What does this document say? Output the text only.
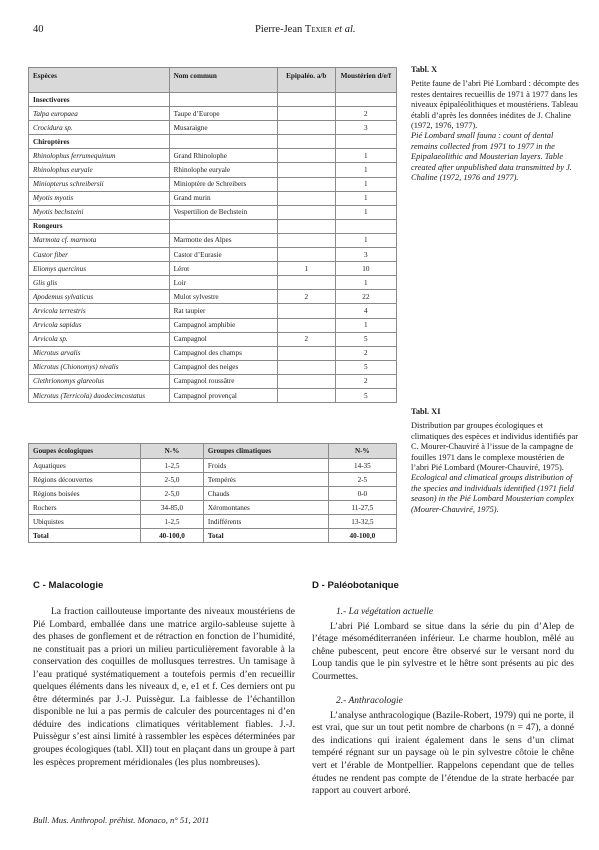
40	Pierre-Jean Texier et al.
Espèces	Nom commun	Epipaléo. a/b	Moustérien d/e/f
Insectivores			
Talpa europaea	Taupe d’Europe		2
Crocidura sp.	Musaraigne		3
Chiroptères			
Rhinolophus ferrumequinum	Grand Rhinolophe		1
Rhinolophus euryale	Rhinolophe euryale		1
Miniopterus schreibersii	Minioptère de Schreibers		1
Myotis myotis	Grand murin		1
Myotis bechsteini	Vespertilion de Bechstein		1
Rongeurs			
Marmota cf. marmota	Marmotte des Alpes		1
Castor fiber	Castor d’Eurasie		3
Eliomys quercinus	Lérot	1	10
Glis glis	Loir		1
Apodemus sylvaticus	Mulot sylvestre	2	22
Arvicola terrestris	Rat taupier		4
Arvicola sapidus	Campagnol amphibie		1
Arvicola sp.	Campagnol	2	5
Microtus arvalis	Campagnol des champs		2
Microtus (Chionomys) nivalis	Campagnol des neiges		5
Clethrionomys glareolus	Campagnol roussâtre		2
Microtus (Terricola) duodecimcostatus	Campagnol provençal		5
Tabl. X
Petite faune de l’abri Pié Lombard : décompte des restes dentaires recueillis de 1971 à 1977 dans les niveaux épipaléolithiques et moustériens. Tableau établi d’après les données inédites de J. Chaline (1972, 1976, 1977).
Pié Lombard small fauna : count of dental remains collected from 1971 to 1977 in the Epipalaeolithic and Mousterian layers. Table created after unpublished data transmitted by J. Chaline (1972, 1976 and 1977).
Goupes écologiques	N-%	Groupes climatiques	N-%
Aquatiques	1-2,5	Froids	14-35
Régions découvertes	2-5,0	Tempérés	2-5
Régions boisées	2-5,0	Chauds	0-0
Rochers	34-85,0	Xéromontanes	11-27,5
Ubiquistes	1-2,5	Indifférents	13-32,5
Total	40-100,0	Total	40-100,0
Tabl. XI
Distribution par groupes écologiques et climatiques des espèces et individus identifiés par C. Mourer-Chauviré à l’issue de la campagne de fouilles 1971 dans le complexe moustérien de l’abri Pié Lombard (Mourer-Chauviré, 1975).
Ecological and climatical groups distribution of the species and individuals identified (1971 field season) in the Pié Lombard Mousterian complex (Mourer-Chauviré, 1975).
C - Malacologie

La fraction caillouteuse importante des niveaux moustériens de Pié Lombard, emballée dans une matrice argilo-sableuse sujette à des phases de gonflement et de rétraction en fonction de l’humidité, ne constituait pas a priori un milieu particulièrement favorable à la conservation des coquilles de mollusques terrestres. Un tamisage à l’eau pratiqué systématiquement a toutefois permis d’en recueillir quelques éléments dans les niveaux d, e, e1 et f. Ces derniers ont pu être déterminés par J.-J. Puissègur. La faiblesse de l’échantillon disponible ne lui a pas permis de calculer des pourcentages ni d’en déduire des indications climatiques véritablement fiables. J.-J. Puissègur s’est ainsi limité à rassembler les espèces déterminées par groupes écologiques (tabl. XII) tout en plaçant dans un groupe à part les espèces proprement méridionales (les plus nombreuses).

D - Paléobotanique
1.- La végétation actuelle

L’abri Pié Lombard se situe dans la série du pin d’Alep de l’étage mésoméditerranéen inférieur. Le charme houblon, mêlé au chêne pubescent, peut encore être observé sur le versant nord du Loup tandis que le pin sylvestre et le hêtre sont présents au pic des Courmettes.

2.- Anthracologie

L’analyse anthracologique (Bazile-Robert, 1979) qui ne porte, il est vrai, que sur un tout petit nombre de charbons (n = 47), a donné des indications qui iraient également dans le sens d’un climat tempéré régnant sur un paysage où le pin sylvestre côtoie le chêne vert et l’érable de Montpellier. Rappelons cependant que de telles études ne rendent pas compte de l’étendue de la strate herbacée par rapport au couvert arboré.

Bull. Mus. Anthropol. préhist. Monaco, n° 51, 2011
